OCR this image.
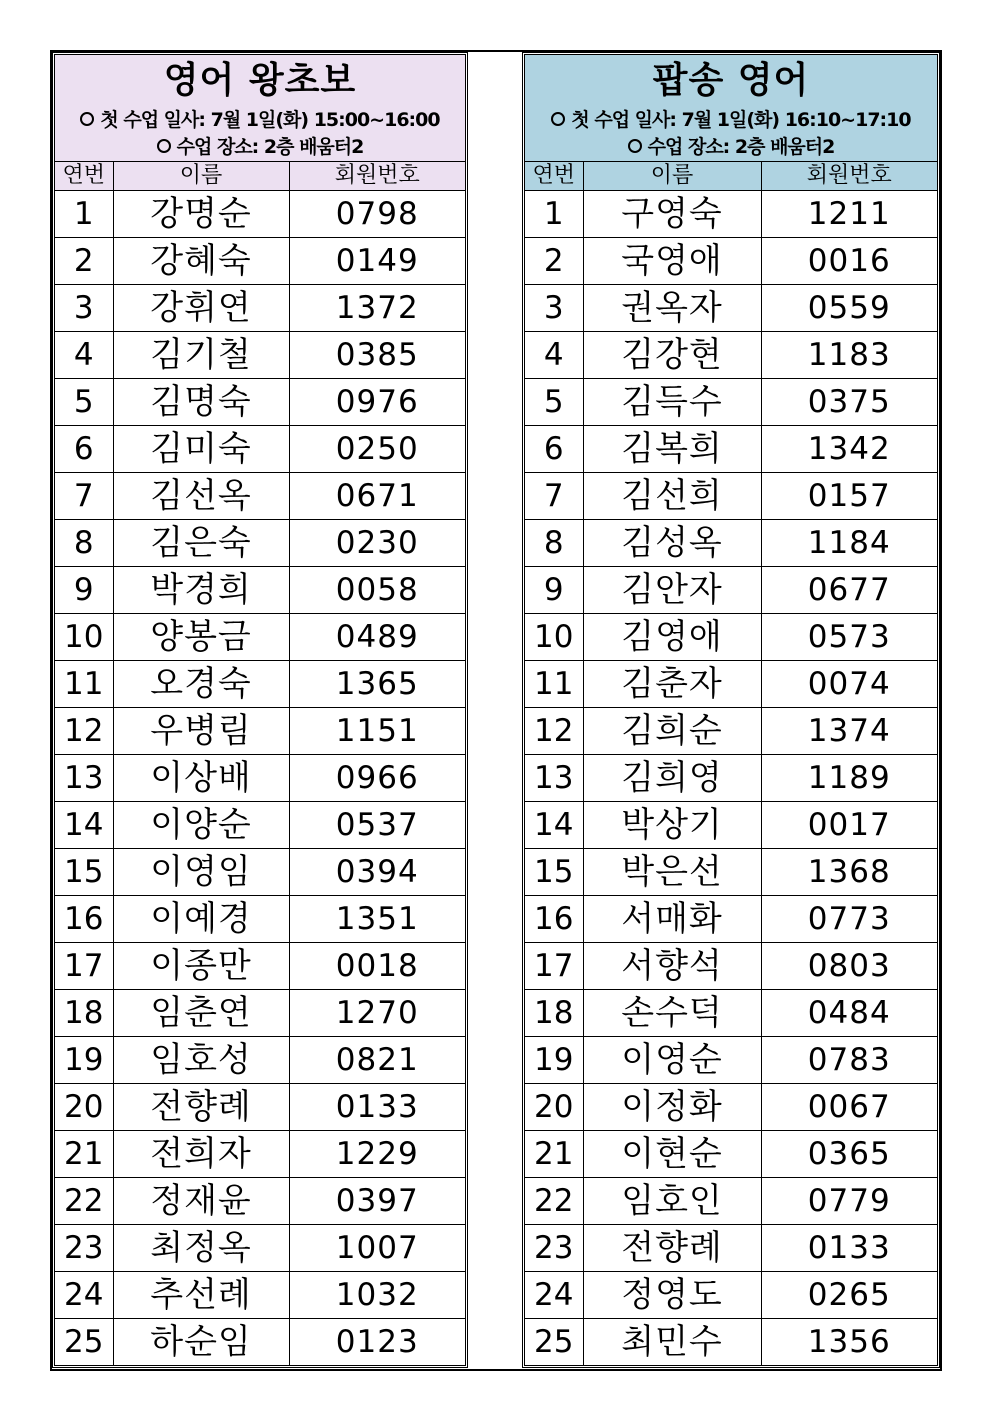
영어 왕초보
첫 수업 일사: 7월 1일(화) 15:00~16:00
수업 장소: 2층 배움터2
연번	이름	회원번호
1	강명순	0798
2	강혜숙	0149
3	강휘연	1372
4	김기철	0385
5	김명숙	0976
6	김미숙	0250
7	김선옥	0671
8	김은숙	0230
9	박경희	0058
10	양봉금	0489
11	오경숙	1365
12	우병림	1151
13	이상배	0966
14	이양순	0537
15	이영임	0394
16	이예경	1351
17	이종만	0018
18	임춘연	1270
19	임호성	0821
20	전향례	0133
21	전희자	1229
22	정재윤	0397
23	최정옥	1007
24	추선례	1032
25	하순임	0123
팝송 영어
첫 수업 일사: 7월 1일(화) 16:10~17:10
수업 장소: 2층 배움터2
연번	이름	회원번호
1	구영숙	1211
2	국영애	0016
3	권옥자	0559
4	김강현	1183
5	김득수	0375
6	김복희	1342
7	김선희	0157
8	김성옥	1184
9	김안자	0677
10	김영애	0573
11	김춘자	0074
12	김희순	1374
13	김희영	1189
14	박상기	0017
15	박은선	1368
16	서매화	0773
17	서향석	0803
18	손수덕	0484
19	이영순	0783
20	이정화	0067
21	이현순	0365
22	임호인	0779
23	전향례	0133
24	정영도	0265
25	최민수	1356
